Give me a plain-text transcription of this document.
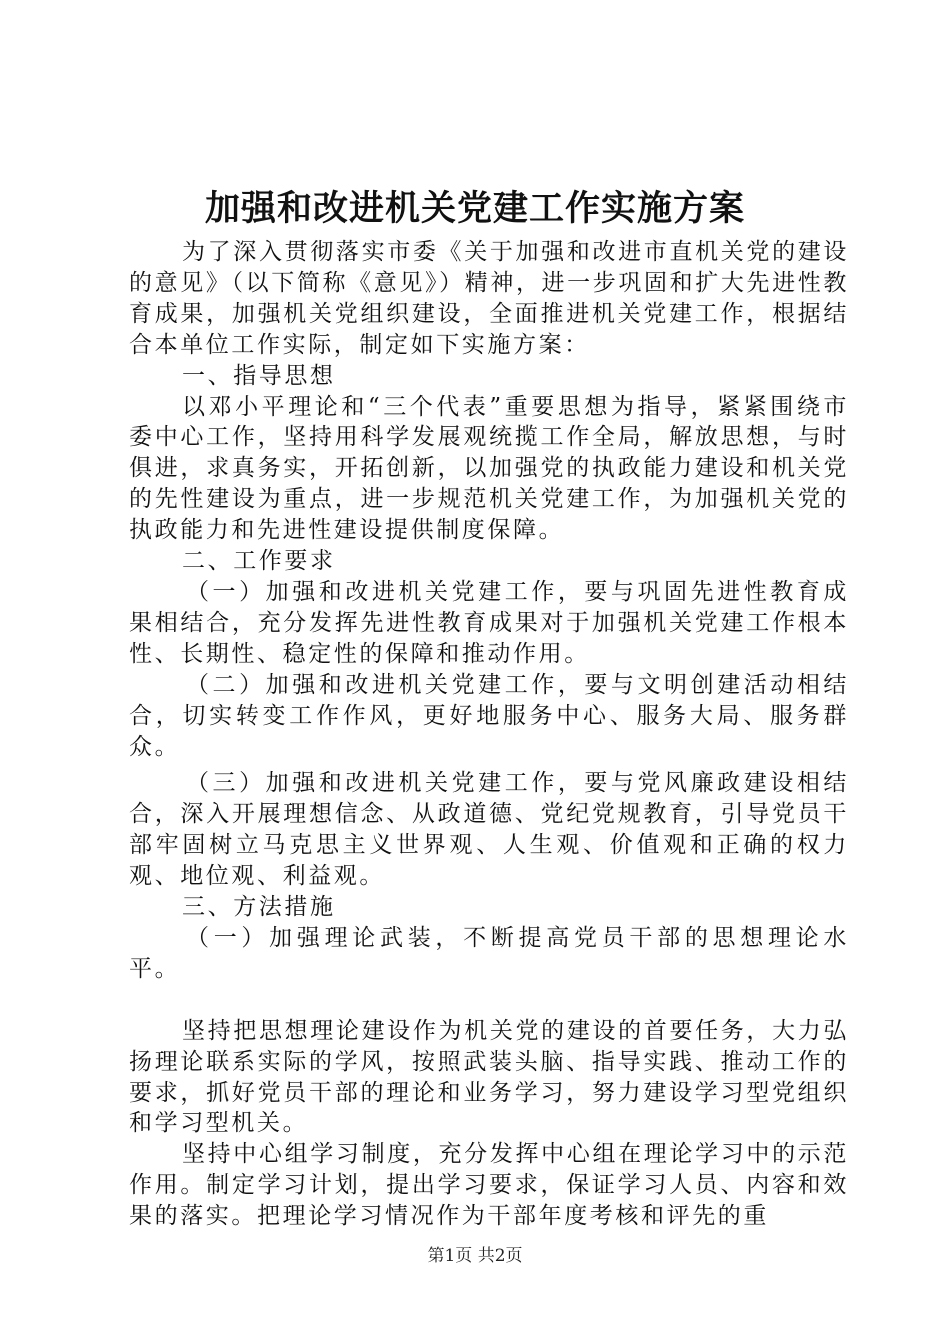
加强和改进机关党建工作实施方案

为了深入贯彻落实市委《关于加强和改进市直机关党的建设的意见》（以下简称《意见》）精神，进一步巩固和扩大先进性教育成果，加强机关党组织建设，全面推进机关党建工作，根据结合本单位工作实际，制定如下实施方案：

一、指导思想

以邓小平理论和“三个代表”重要思想为指导，紧紧围绕市委中心工作，坚持用科学发展观统揽工作全局，解放思想，与时俱进，求真务实，开拓创新，以加强党的执政能力建设和机关党的先性建设为重点，进一步规范机关党建工作，为加强机关党的执政能力和先进性建设提供制度保障。

二、工作要求

（一）加强和改进机关党建工作，要与巩固先进性教育成果相结合，充分发挥先进性教育成果对于加强机关党建工作根本性、长期性、稳定性的保障和推动作用。

（二）加强和改进机关党建工作，要与文明创建活动相结合，切实转变工作作风，更好地服务中心、服务大局、服务群众。

（三）加强和改进机关党建工作，要与党风廉政建设相结合，深入开展理想信念、从政道德、党纪党规教育，引导党员干部牢固树立马克思主义世界观、人生观、价值观和正确的权力观、地位观、利益观。

三、方法措施

（一）加强理论武装，不断提高党员干部的思想理论水平。

坚持把思想理论建设作为机关党的建设的首要任务，大力弘扬理论联系实际的学风，按照武装头脑、指导实践、推动工作的要求，抓好党员干部的理论和业务学习，努力建设学习型党组织和学习型机关。

坚持中心组学习制度，充分发挥中心组在理论学习中的示范作用。制定学习计划，提出学习要求，保证学习人员、内容和效果的落实。把理论学习情况作为干部年度考核和评先的重

第1页 共2页
